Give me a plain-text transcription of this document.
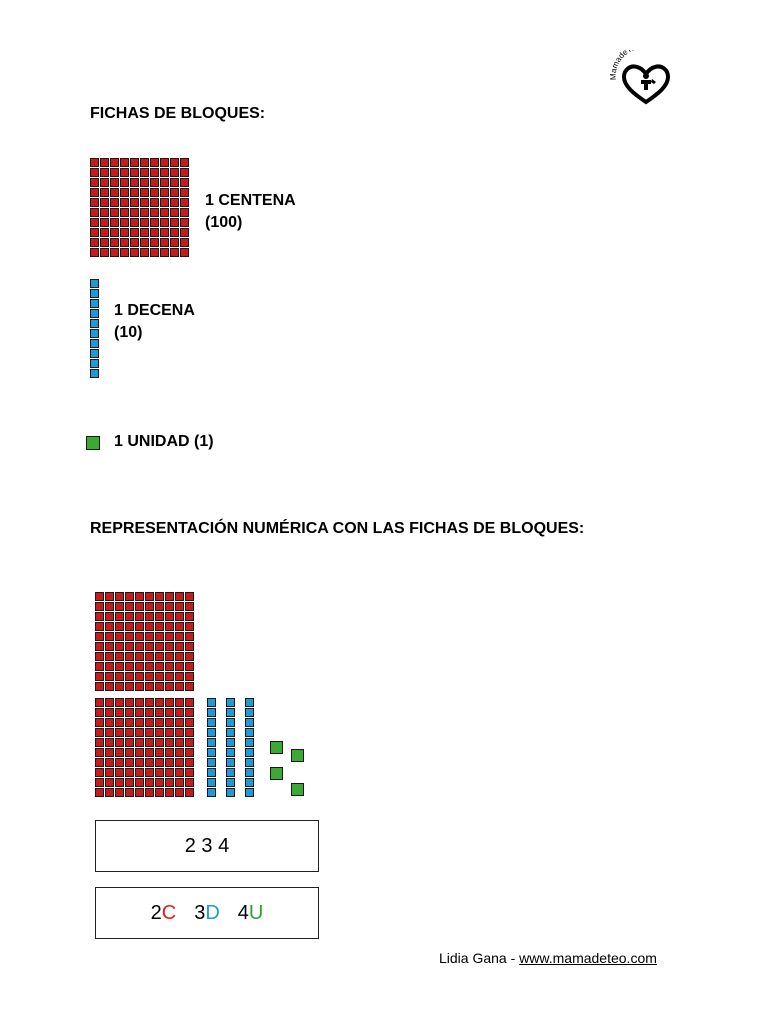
Mamade
FICHAS DE BLOQUES:
1 CENTENA
(100)
1 DECENA
(10)
1 UNIDAD (1)
REPRESENTACIÓN NUMÉRICA CON LAS FICHAS DE BLOQUES:
2 3 4
2C 3D 4U
Lidia Gana - www.mamadeteo.com
